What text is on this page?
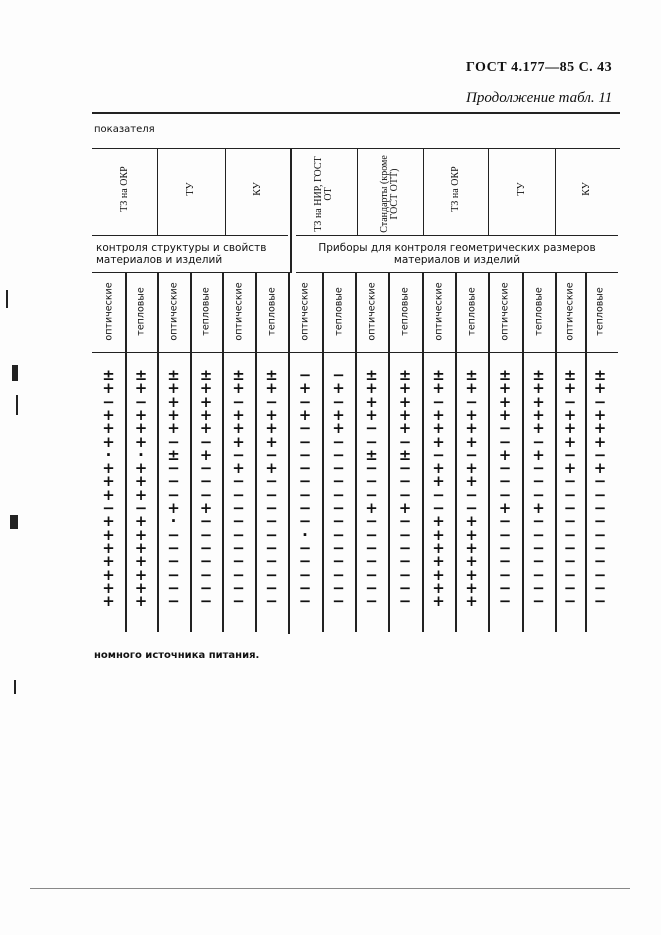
ГОСТ 4.177—85 С. 43
Продолжение табл. 11
показателя
ТЗ на ОКР	ТУ	КУ	ТЗ на НИР, ГОСТ ОТ	Стандарты (кроме ГОСТ ОТТ)	ТЗ на ОКР	ТУ	КУ
контроля структуры и свойств материалов и изделий
Приборы для контроля геометрических размеров материалов и изделий
оптические тепловые оптические тепловые оптические тепловые оптические тепловые оптические тепловые оптические тепловые оптические тепловые оптические тепловые
±	±	±	±	±	±	−	−	±	±	±	±	±	±	±	±
+	+	+	+	+	+	+	+	+	+	+	+	+	+	+	+
−	−	+	+	−	−	−	−	+	+	−	−	+	+	−	−
+	+	+	+	+	+	+	+	+	+	+	+	+	+	+	+
+	+	+	+	+	+	−	+	−	+	+	+	−	+	+	+
+	+	−	−	+	+	−	−	−	−	+	+	−	−	+	+
·	·	±	+	−	−	−	−	±	±	−	−	+	+	−	−
+	+	−	−	+	+	−	−	−	−	+	+	−	−	+	+
+	+	−	−	−	−	−	−	−	−	+	+	−	−	−	−
+	+	−	−	−	−	−	−	−	−	−	−	−	−	−	−
−	−	+	+	−	−	−	−	+	+	−	−	+	+	−	−
+	+	·	−	−	−	−	−	−	−	+	+	−	−	−	−
+	+	−	−	−	−	·	−	−	−	+	+	−	−	−	−
+	+	−	−	−	−	−	−	−	−	+	+	−	−	−	−
+	+	−	−	−	−	−	−	−	−	+	+	−	−	−	−
+	+	−	−	−	−	−	−	−	−	+	+	−	−	−	−
+	+	−	−	−	−	−	−	−	−	+	+	−	−	−	−
+	+	−	−	−	−	−	−	−	−	+	+	−	−	−	−
номного источника питания.
